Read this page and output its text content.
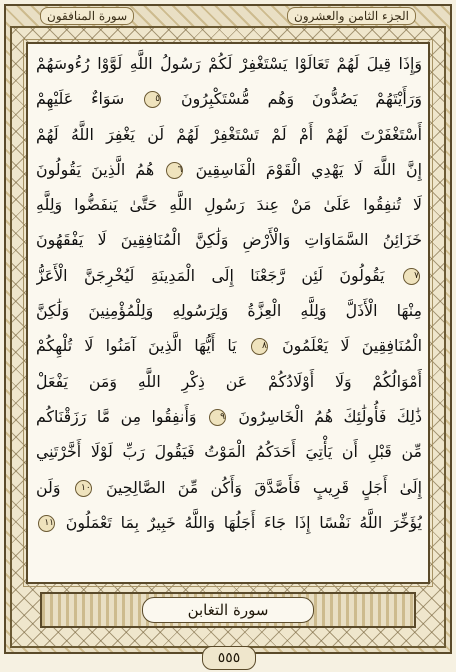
الجزء الثامن والعشرون
سورة المنافقون
وَإِذَا قِيلَ لَهُمْ تَعَالَوْا يَسْتَغْفِرْ لَكُمْ رَسُولُ اللَّهِ لَوَّوْا رُءُوسَهُمْ
وَرَأَيْتَهُمْ يَصُدُّونَ وَهُم مُّسْتَكْبِرُونَ ٥ سَوَاءٌ عَلَيْهِمْ
أَسْتَغْفَرْتَ لَهُمْ أَمْ لَمْ تَسْتَغْفِرْ لَهُمْ لَن يَغْفِرَ اللَّهُ لَهُمْ
إِنَّ اللَّهَ لَا يَهْدِي الْقَوْمَ الْفَاسِقِينَ ٦ هُمُ الَّذِينَ يَقُولُونَ
لَا تُنفِقُوا عَلَىٰ مَنْ عِندَ رَسُولِ اللَّهِ حَتَّىٰ يَنفَضُّوا وَلِلَّهِ
خَزَائِنُ السَّمَاوَاتِ وَالْأَرْضِ وَلَٰكِنَّ الْمُنَافِقِينَ لَا يَفْقَهُونَ
٧ يَقُولُونَ لَئِن رَّجَعْنَا إِلَى الْمَدِينَةِ لَيُخْرِجَنَّ الْأَعَزُّ
مِنْهَا الْأَذَلَّ وَلِلَّهِ الْعِزَّةُ وَلِرَسُولِهِ وَلِلْمُؤْمِنِينَ وَلَٰكِنَّ
الْمُنَافِقِينَ لَا يَعْلَمُونَ ٨ يَا أَيُّهَا الَّذِينَ آمَنُوا لَا تُلْهِكُمْ
أَمْوَالُكُمْ وَلَا أَوْلَادُكُمْ عَن ذِكْرِ اللَّهِ وَمَن يَفْعَلْ
ذَٰلِكَ فَأُولَٰئِكَ هُمُ الْخَاسِرُونَ ٩ وَأَنفِقُوا مِن مَّا رَزَقْنَاكُم
مِّن قَبْلِ أَن يَأْتِيَ أَحَدَكُمُ الْمَوْتُ فَيَقُولَ رَبِّ لَوْلَا أَخَّرْتَنِي
إِلَىٰ أَجَلٍ قَرِيبٍ فَأَصَّدَّقَ وَأَكُن مِّنَ الصَّالِحِينَ ١٠ وَلَن
يُؤَخِّرَ اللَّهُ نَفْسًا إِذَا جَاءَ أَجَلُهَا وَاللَّهُ خَبِيرٌ بِمَا تَعْمَلُونَ ١١
سورة التغابن
٥٥٥
